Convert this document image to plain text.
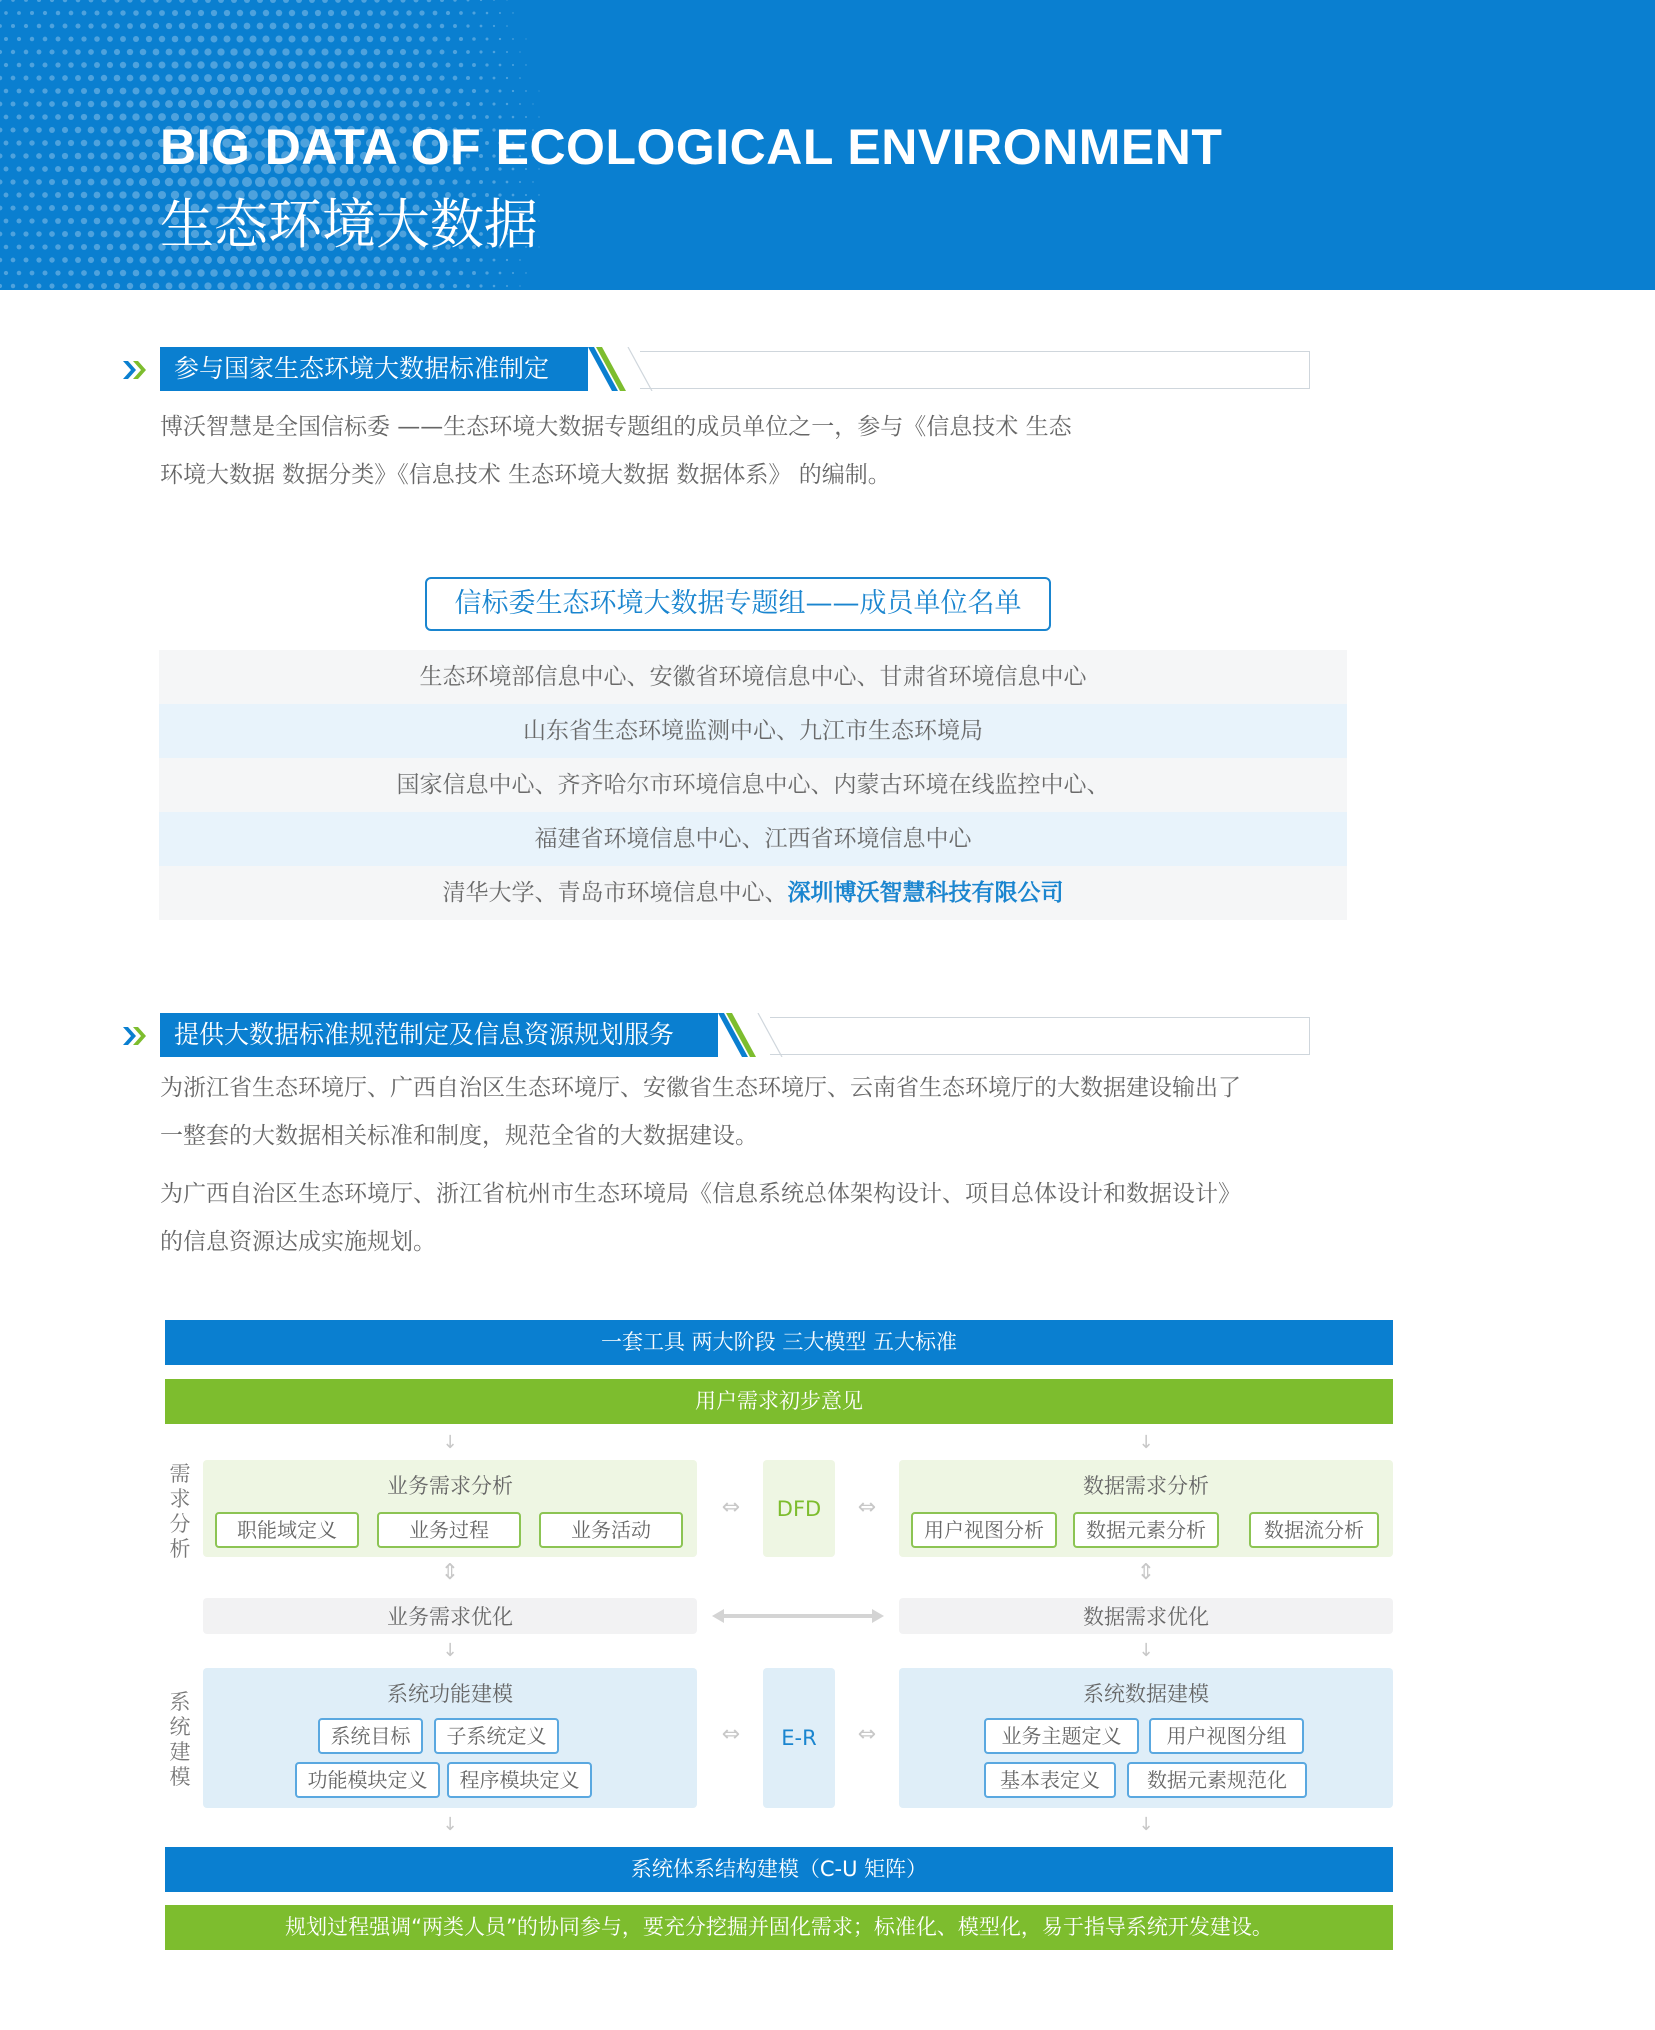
BIG DATA OF ECOLOGICAL ENVIRONMENT
生态环境大数据
参与国家生态环境大数据标准制定
博沃智慧是全国信标委 ——生态环境大数据专题组的成员单位之一，参与《信息技术 生态
环境大数据 数据分类》《信息技术 生态环境大数据 数据体系》 的编制。
信标委生态环境大数据专题组——成员单位名单
生态环境部信息中心、安徽省环境信息中心、甘肃省环境信息中心
山东省生态环境监测中心、九江市生态环境局
国家信息中心、齐齐哈尔市环境信息中心、内蒙古环境在线监控中心、
福建省环境信息中心、江西省环境信息中心
清华大学、青岛市环境信息中心、深圳博沃智慧科技有限公司
提供大数据标准规范制定及信息资源规划服务
为浙江省生态环境厅、广西自治区生态环境厅、安徽省生态环境厅、云南省生态环境厅的大数据建设输出了
一整套的大数据相关标准和制度，规范全省的大数据建设。
为广西自治区生态环境厅、浙江省杭州市生态环境局《信息系统总体架构设计、项目总体设计和数据设计》
的信息资源达成实施规划。
一套工具 两大阶段 三大模型 五大标准
用户需求初步意见
↓	↓
需
求
分
析
系
统
建
模
业务需求分析
职能域定义	业务过程	业务活动
⇔	DFD	⇔
数据需求分析
用户视图分析	数据元素分析	数据流分析
⇕	⇕
业务需求优化	数据需求优化
↓	↓
系统功能建模
系统目标	子系统定义
功能模块定义	程序模块定义
⇔	E-R	⇔
系统数据建模
业务主题定义	用户视图分组
基本表定义	数据元素规范化
↓	↓
系统体系结构建模（C-U 矩阵）
规划过程强调“两类人员”的协同参与，要充分挖掘并固化需求；标准化、模型化，易于指导系统开发建设。
